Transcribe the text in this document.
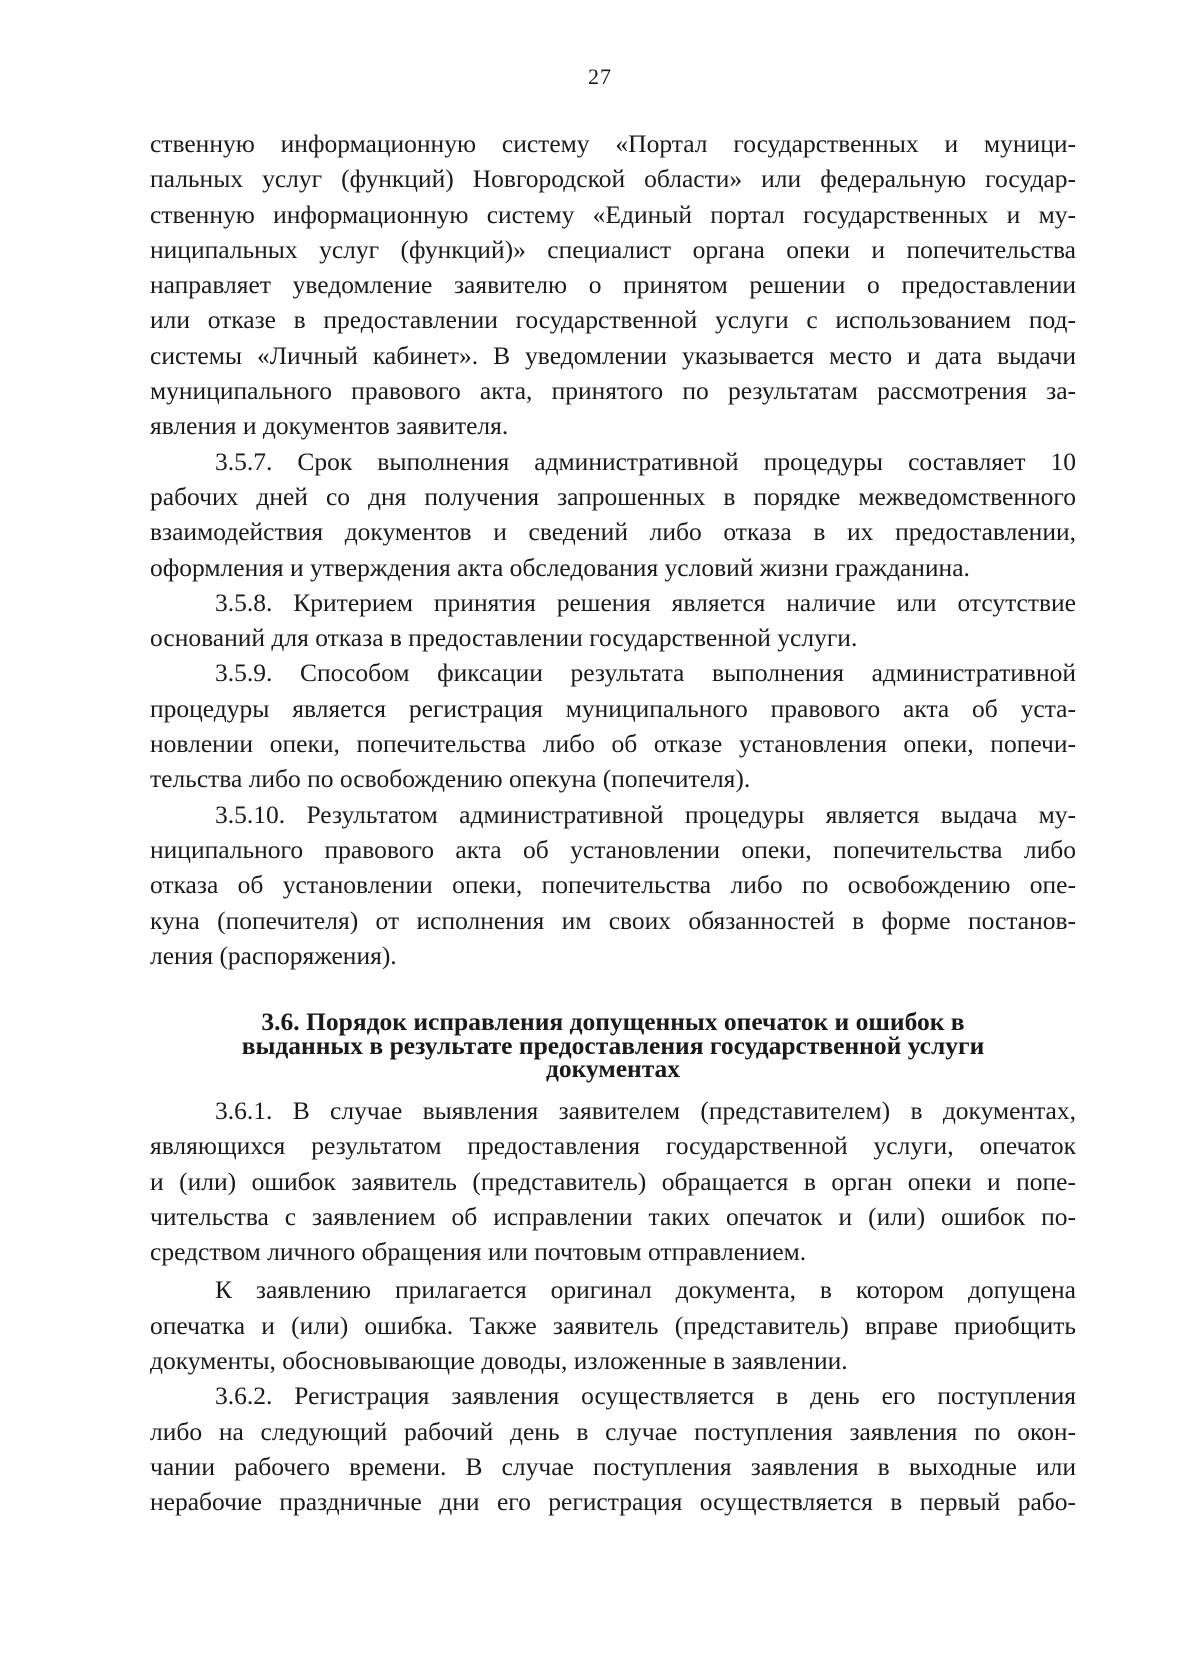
27
ственную информационную систему «Портал государственных и муници-
пальных услуг (функций) Новгородской области» или федеральную государ-
ственную информационную систему «Единый портал государственных и му-
ниципальных услуг (функций)» специалист органа опеки и попечительства
направляет уведомление заявителю о принятом решении о предоставлении
или отказе в предоставлении государственной услуги с использованием под-
системы «Личный кабинет». В уведомлении указывается место и дата выдачи
муниципального правового акта, принятого по результатам рассмотрения за-
явления и документов заявителя.
3.5.7. Срок выполнения административной процедуры составляет 10
рабочих дней со дня получения запрошенных в порядке межведомственного
взаимодействия документов и сведений либо отказа в их предоставлении,
оформления и утверждения акта обследования условий жизни гражданина.
3.5.8. Критерием принятия решения является наличие или отсутствие
оснований для отказа в предоставлении государственной услуги.
3.5.9. Способом фиксации результата выполнения административной
процедуры является регистрация муниципального правового акта об уста-
новлении опеки, попечительства либо об отказе установления опеки, попечи-
тельства либо по освобождению опекуна (попечителя).
3.5.10. Результатом административной процедуры является выдача му-
ниципального правового акта об установлении опеки, попечительства либо
отказа об установлении опеки, попечительства либо по освобождению опе-
куна (попечителя) от исполнения им своих обязанностей в форме постанов-
ления (распоряжения).
3.6. Порядок исправления допущенных опечаток и ошибок в
выданных в результате предоставления государственной услуги
документах
3.6.1. В случае выявления заявителем (представителем) в документах,
являющихся результатом предоставления государственной услуги, опечаток
и (или) ошибок заявитель (представитель) обращается в орган опеки и попе-
чительства с заявлением об исправлении таких опечаток и (или) ошибок по-
средством личного обращения или почтовым отправлением.
К заявлению прилагается оригинал документа, в котором допущена
опечатка и (или) ошибка. Также заявитель (представитель) вправе приобщить
документы, обосновывающие доводы, изложенные в заявлении.
3.6.2. Регистрация заявления осуществляется в день его поступления
либо на следующий рабочий день в случае поступления заявления по окон-
чании рабочего времени. В случае поступления заявления в выходные или
нерабочие праздничные дни его регистрация осуществляется в первый рабо-
